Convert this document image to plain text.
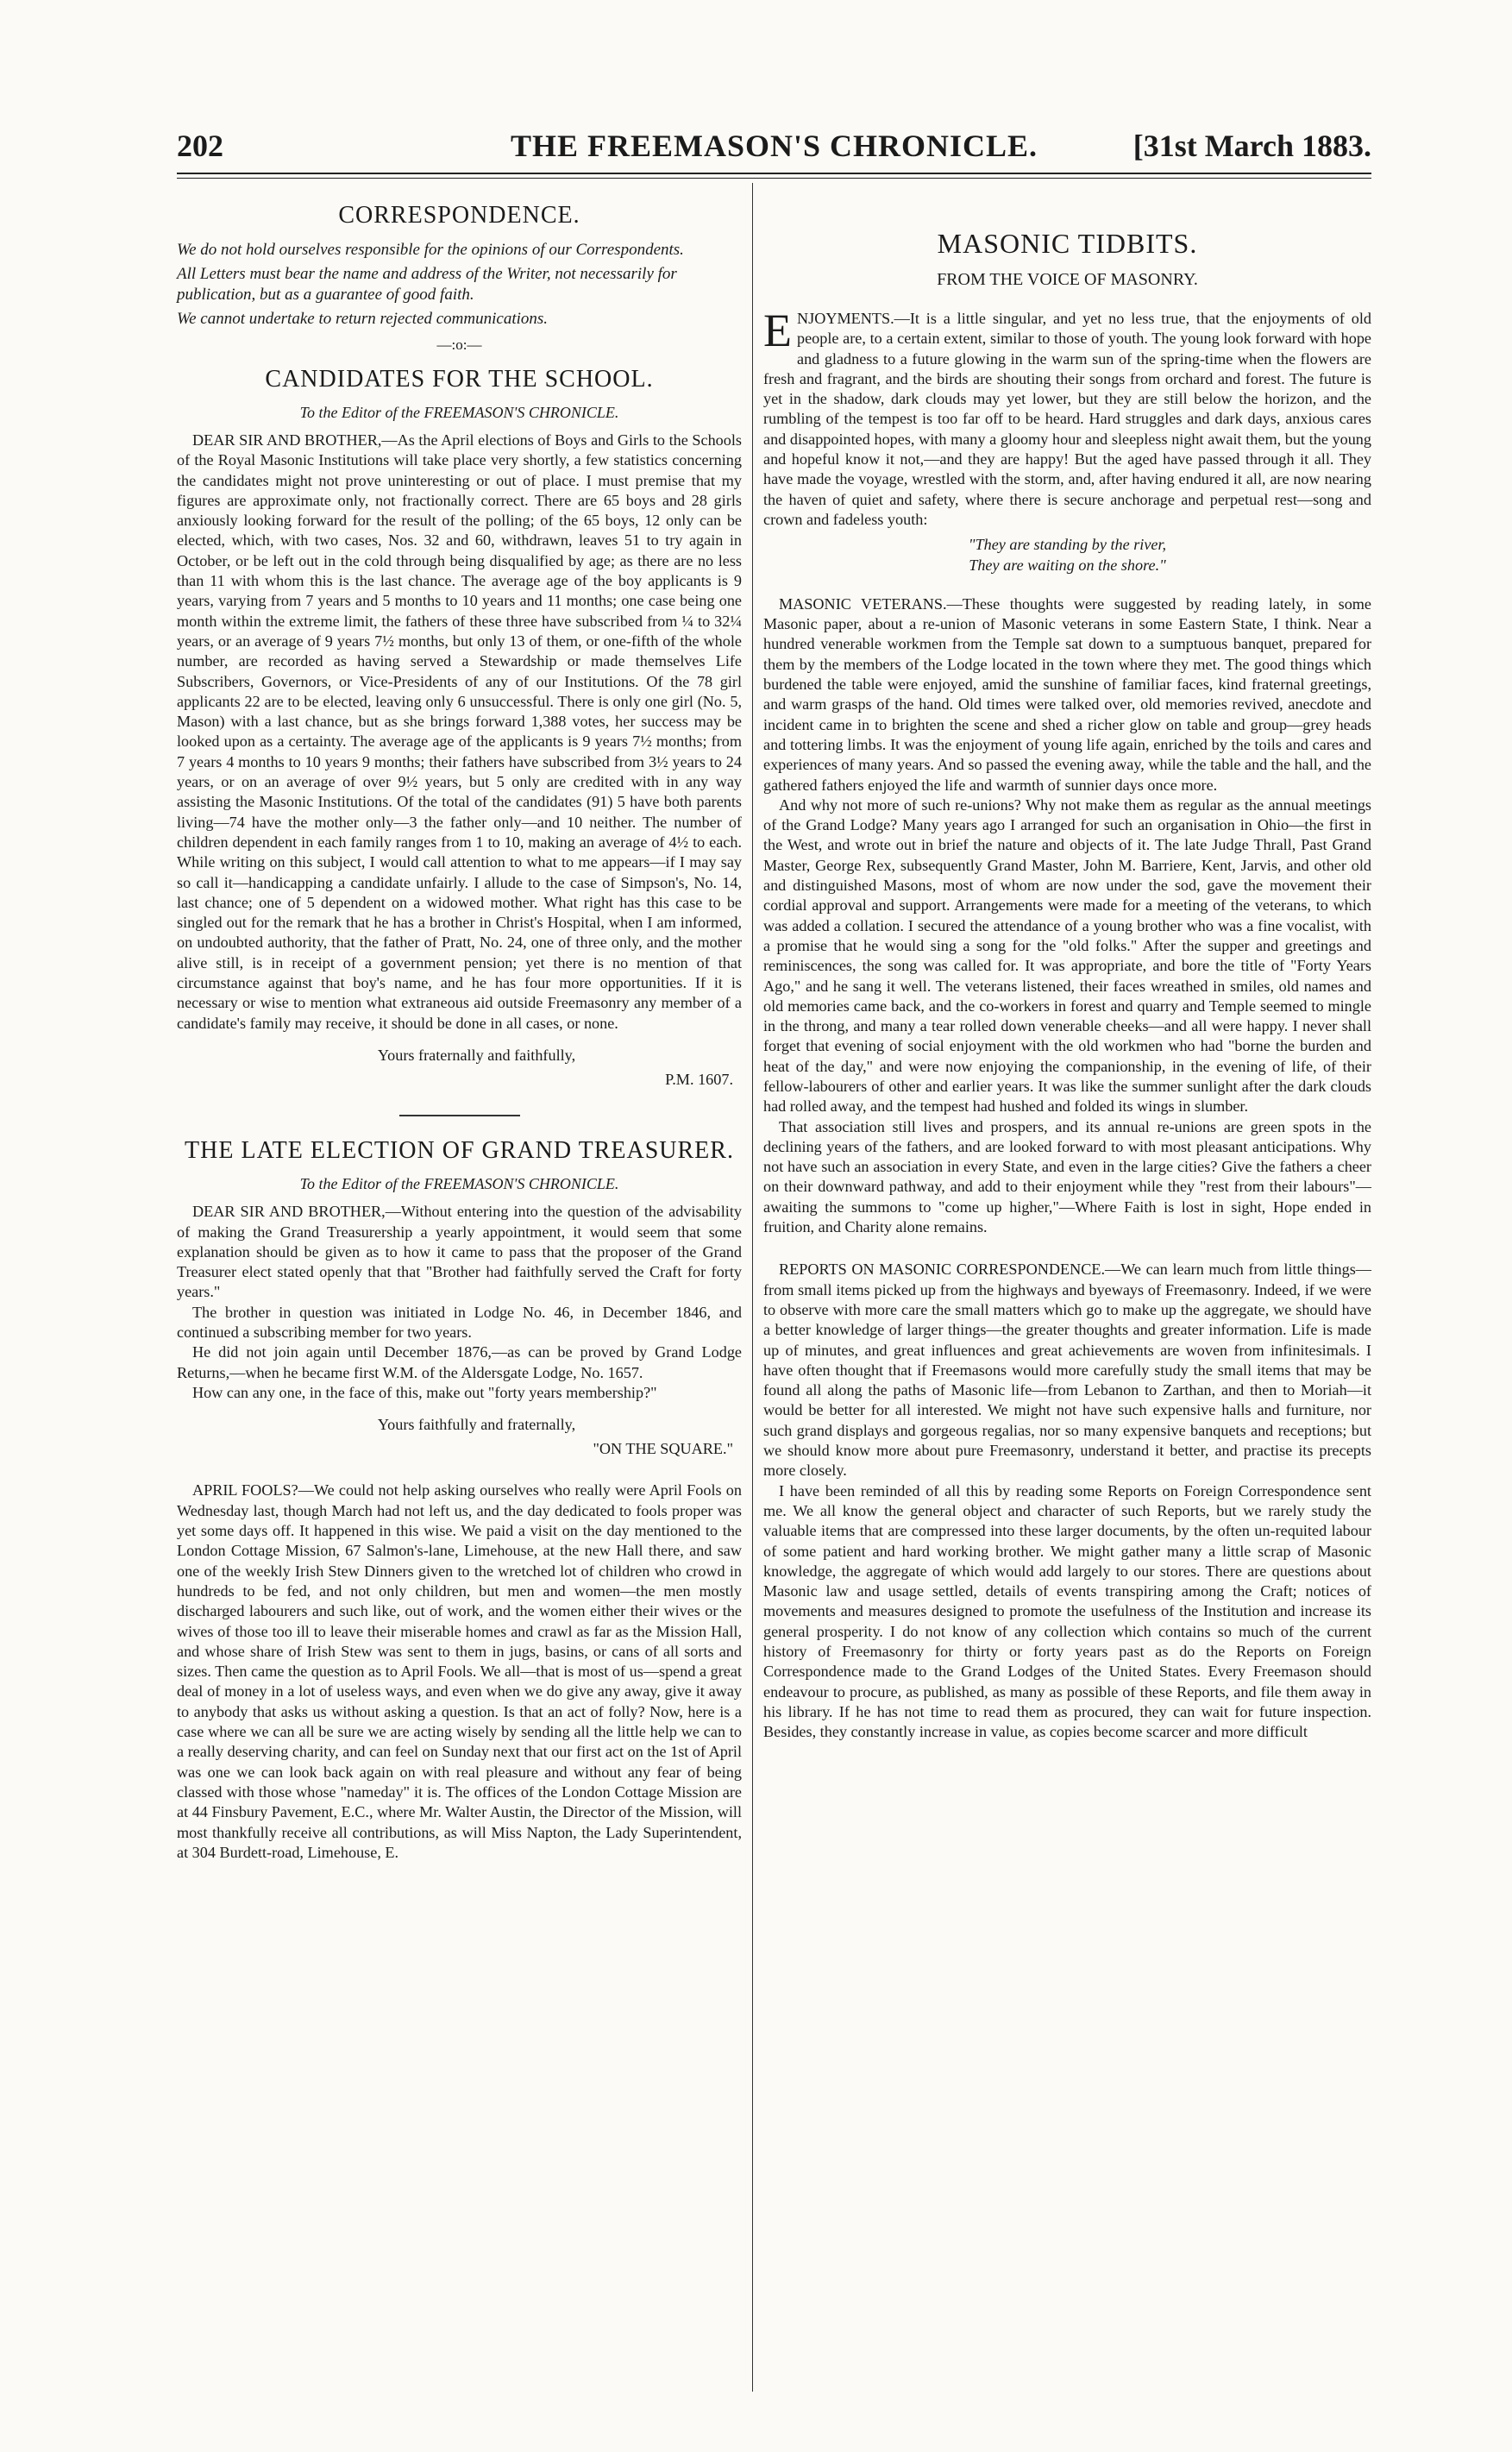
202	THE FREEMASON'S CHRONICLE.	[31st March 1883.
CORRESPONDENCE.
We do not hold ourselves responsible for the opinions of our Correspondents.
All Letters must bear the name and address of the Writer, not necessarily for publication, but as a guarantee of good faith.
We cannot undertake to return rejected communications.
—:o:—
CANDIDATES FOR THE SCHOOL.
To the Editor of the FREEMASON'S CHRONICLE.

DEAR SIR AND BROTHER,—As the April elections of Boys and Girls to the Schools of the Royal Masonic Institutions will take place very shortly, a few statistics concerning the candidates might not prove uninteresting or out of place. I must premise that my figures are approximate only, not fractionally correct. There are 65 boys and 28 girls anxiously looking forward for the result of the polling; of the 65 boys, 12 only can be elected, which, with two cases, Nos. 32 and 60, withdrawn, leaves 51 to try again in October, or be left out in the cold through being disqualified by age; as there are no less than 11 with whom this is the last chance. The average age of the boy applicants is 9 years, varying from 7 years and 5 months to 10 years and 11 months; one case being one month within the extreme limit, the fathers of these three have subscribed from ¼ to 32¼ years, or an average of 9 years 7½ months, but only 13 of them, or one-fifth of the whole number, are recorded as having served a Stewardship or made themselves Life Subscribers, Governors, or Vice-Presidents of any of our Institutions. Of the 78 girl applicants 22 are to be elected, leaving only 6 unsuccessful. There is only one girl (No. 5, Mason) with a last chance, but as she brings forward 1,388 votes, her success may be looked upon as a certainty. The average age of the applicants is 9 years 7½ months; from 7 years 4 months to 10 years 9 months; their fathers have subscribed from 3½ years to 24 years, or on an average of over 9½ years, but 5 only are credited with in any way assisting the Masonic Institutions. Of the total of the candidates (91) 5 have both parents living—74 have the mother only—3 the father only—and 10 neither. The number of children dependent in each family ranges from 1 to 10, making an average of 4½ to each. While writing on this subject, I would call attention to what to me appears—if I may say so call it—handicapping a candidate unfairly. I allude to the case of Simpson's, No. 14, last chance; one of 5 dependent on a widowed mother. What right has this case to be singled out for the remark that he has a brother in Christ's Hospital, when I am informed, on undoubted authority, that the father of Pratt, No. 24, one of three only, and the mother alive still, is in receipt of a government pension; yet there is no mention of that circumstance against that boy's name, and he has four more opportunities. If it is necessary or wise to mention what extraneous aid outside Freemasonry any member of a candidate's family may receive, it should be done in all cases, or none.

Yours fraternally and faithfully,
P.M. 1607.
THE LATE ELECTION OF GRAND TREASURER.
To the Editor of the FREEMASON'S CHRONICLE.

DEAR SIR AND BROTHER,—Without entering into the question of the advisability of making the Grand Treasurership a yearly appointment, it would seem that some explanation should be given as to how it came to pass that the proposer of the Grand Treasurer elect stated openly that that "Brother had faithfully served the Craft for forty years."

The brother in question was initiated in Lodge No. 46, in December 1846, and continued a subscribing member for two years.

He did not join again until December 1876,—as can be proved by Grand Lodge Returns,—when he became first W.M. of the Aldersgate Lodge, No. 1657.

How can any one, in the face of this, make out "forty years membership?"

Yours faithfully and fraternally,
"ON THE SQUARE."

APRIL FOOLS?—We could not help asking ourselves who really were April Fools on Wednesday last, though March had not left us, and the day dedicated to fools proper was yet some days off. It happened in this wise. We paid a visit on the day mentioned to the London Cottage Mission, 67 Salmon's-lane, Limehouse, at the new Hall there, and saw one of the weekly Irish Stew Dinners given to the wretched lot of children who crowd in hundreds to be fed, and not only children, but men and women—the men mostly discharged labourers and such like, out of work, and the women either their wives or the wives of those too ill to leave their miserable homes and crawl as far as the Mission Hall, and whose share of Irish Stew was sent to them in jugs, basins, or cans of all sorts and sizes. Then came the question as to April Fools. We all—that is most of us—spend a great deal of money in a lot of useless ways, and even when we do give any away, give it away to anybody that asks us without asking a question. Is that an act of folly? Now, here is a case where we can all be sure we are acting wisely by sending all the little help we can to a really deserving charity, and can feel on Sunday next that our first act on the 1st of April was one we can look back again on with real pleasure and without any fear of being classed with those whose "nameday" it is. The offices of the London Cottage Mission are at 44 Finsbury Pavement, E.C., where Mr. Walter Austin, the Director of the Mission, will most thankfully receive all contributions, as will Miss Napton, the Lady Superintendent, at 304 Burdett-road, Limehouse, E.

MASONIC TIDBITS.
FROM THE VOICE OF MASONRY.

ENJOYMENTS.—It is a little singular, and yet no less true, that the enjoyments of old people are, to a certain extent, similar to those of youth. The young look forward with hope and gladness to a future glowing in the warm sun of the spring-time when the flowers are fresh and fragrant, and the birds are shouting their songs from orchard and forest. The future is yet in the shadow, dark clouds may yet lower, but they are still below the horizon, and the rumbling of the tempest is too far off to be heard. Hard struggles and dark days, anxious cares and disappointed hopes, with many a gloomy hour and sleepless night await them, but the young and hopeful know it not,—and they are happy! But the aged have passed through it all. They have made the voyage, wrestled with the storm, and, after having endured it all, are now nearing the haven of quiet and safety, where there is secure anchorage and perpetual rest—song and crown and fadeless youth:

"They are standing by the river,
They are waiting on the shore."

MASONIC VETERANS.—These thoughts were suggested by reading lately, in some Masonic paper, about a re-union of Masonic veterans in some Eastern State, I think. Near a hundred venerable workmen from the Temple sat down to a sumptuous banquet, prepared for them by the members of the Lodge located in the town where they met. The good things which burdened the table were enjoyed, amid the sunshine of familiar faces, kind fraternal greetings, and warm grasps of the hand. Old times were talked over, old memories revived, anecdote and incident came in to brighten the scene and shed a richer glow on table and group—grey heads and tottering limbs. It was the enjoyment of young life again, enriched by the toils and cares and experiences of many years. And so passed the evening away, while the table and the hall, and the gathered fathers enjoyed the life and warmth of sunnier days once more.

And why not more of such re-unions? Why not make them as regular as the annual meetings of the Grand Lodge? Many years ago I arranged for such an organisation in Ohio—the first in the West, and wrote out in brief the nature and objects of it. The late Judge Thrall, Past Grand Master, George Rex, subsequently Grand Master, John M. Barriere, Kent, Jarvis, and other old and distinguished Masons, most of whom are now under the sod, gave the movement their cordial approval and support. Arrangements were made for a meeting of the veterans, to which was added a collation. I secured the attendance of a young brother who was a fine vocalist, with a promise that he would sing a song for the "old folks." After the supper and greetings and reminiscences, the song was called for. It was appropriate, and bore the title of "Forty Years Ago," and he sang it well. The veterans listened, their faces wreathed in smiles, old names and old memories came back, and the co-workers in forest and quarry and Temple seemed to mingle in the throng, and many a tear rolled down venerable cheeks—and all were happy. I never shall forget that evening of social enjoyment with the old workmen who had "borne the burden and heat of the day," and were now enjoying the companionship, in the evening of life, of their fellow-labourers of other and earlier years. It was like the summer sunlight after the dark clouds had rolled away, and the tempest had hushed and folded its wings in slumber.

That association still lives and prospers, and its annual re-unions are green spots in the declining years of the fathers, and are looked forward to with most pleasant anticipations. Why not have such an association in every State, and even in the large cities? Give the fathers a cheer on their downward pathway, and add to their enjoyment while they "rest from their labours"—awaiting the summons to "come up higher,"—Where Faith is lost in sight, Hope ended in fruition, and Charity alone remains.

REPORTS ON MASONIC CORRESPONDENCE.—We can learn much from little things—from small items picked up from the highways and byeways of Freemasonry. Indeed, if we were to observe with more care the small matters which go to make up the aggregate, we should have a better knowledge of larger things—the greater thoughts and greater information. Life is made up of minutes, and great influences and great achievements are woven from infinitesimals. I have often thought that if Freemasons would more carefully study the small items that may be found all along the paths of Masonic life—from Lebanon to Zarthan, and then to Moriah—it would be better for all interested. We might not have such expensive halls and furniture, nor such grand displays and gorgeous regalias, nor so many expensive banquets and receptions; but we should know more about pure Freemasonry, understand it better, and practise its precepts more closely.

I have been reminded of all this by reading some Reports on Foreign Correspondence sent me. We all know the general object and character of such Reports, but we rarely study the valuable items that are compressed into these larger documents, by the often un-requited labour of some patient and hard working brother. We might gather many a little scrap of Masonic knowledge, the aggregate of which would add largely to our stores. There are questions about Masonic law and usage settled, details of events transpiring among the Craft; notices of movements and measures designed to promote the usefulness of the Institution and increase its general prosperity. I do not know of any collection which contains so much of the current history of Freemasonry for thirty or forty years past as do the Reports on Foreign Correspondence made to the Grand Lodges of the United States. Every Freemason should endeavour to procure, as published, as many as possible of these Reports, and file them away in his library. If he has not time to read them as procured, they can wait for future inspection. Besides, they constantly increase in value, as copies become scarcer and more difficult
